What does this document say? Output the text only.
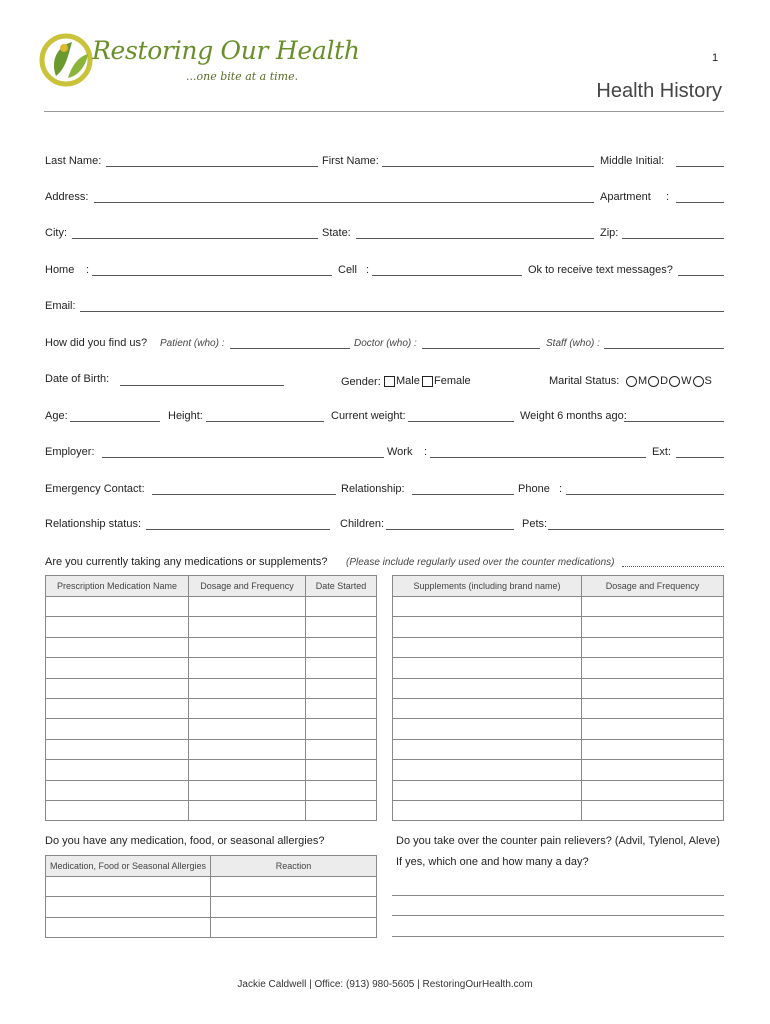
Restoring Our Health
...one bite at a time.
1
Health History
Last Name:	First Name:	Middle Initial:
Address:	Apartment :
City:	State:	Zip:
Home :	Cell :	Ok to receive text messages?
Email:
How did you find us? Patient (who) :	Doctor (who) :	Staff (who) :
Date of Birth:	Gender:	Male	Female	Marital Status:	M D W S
Age:	Height:	Current weight:	Weight 6 months ago:
Employer:	Work :	Ext:
Emergency Contact:	Relationship:	Phone :
Relationship status:	Children:	Pets:
Are you currently taking any medications or supplements? (Please include regularly used over the counter medications)
Prescription Medication Name	Dosage and Frequency	Date Started

			Supplements (including brand name)	Dosage and Frequency

Do you have any medication, food, or seasonal allergies?
Medication, Food or Seasonal Allergies	Reaction

Do you take over the counter pain relievers? (Advil, Tylenol, Aleve)
If yes, which one and how many a day?
Jackie Caldwell | Office: (913) 980-5605 | RestoringOurHealth.com
